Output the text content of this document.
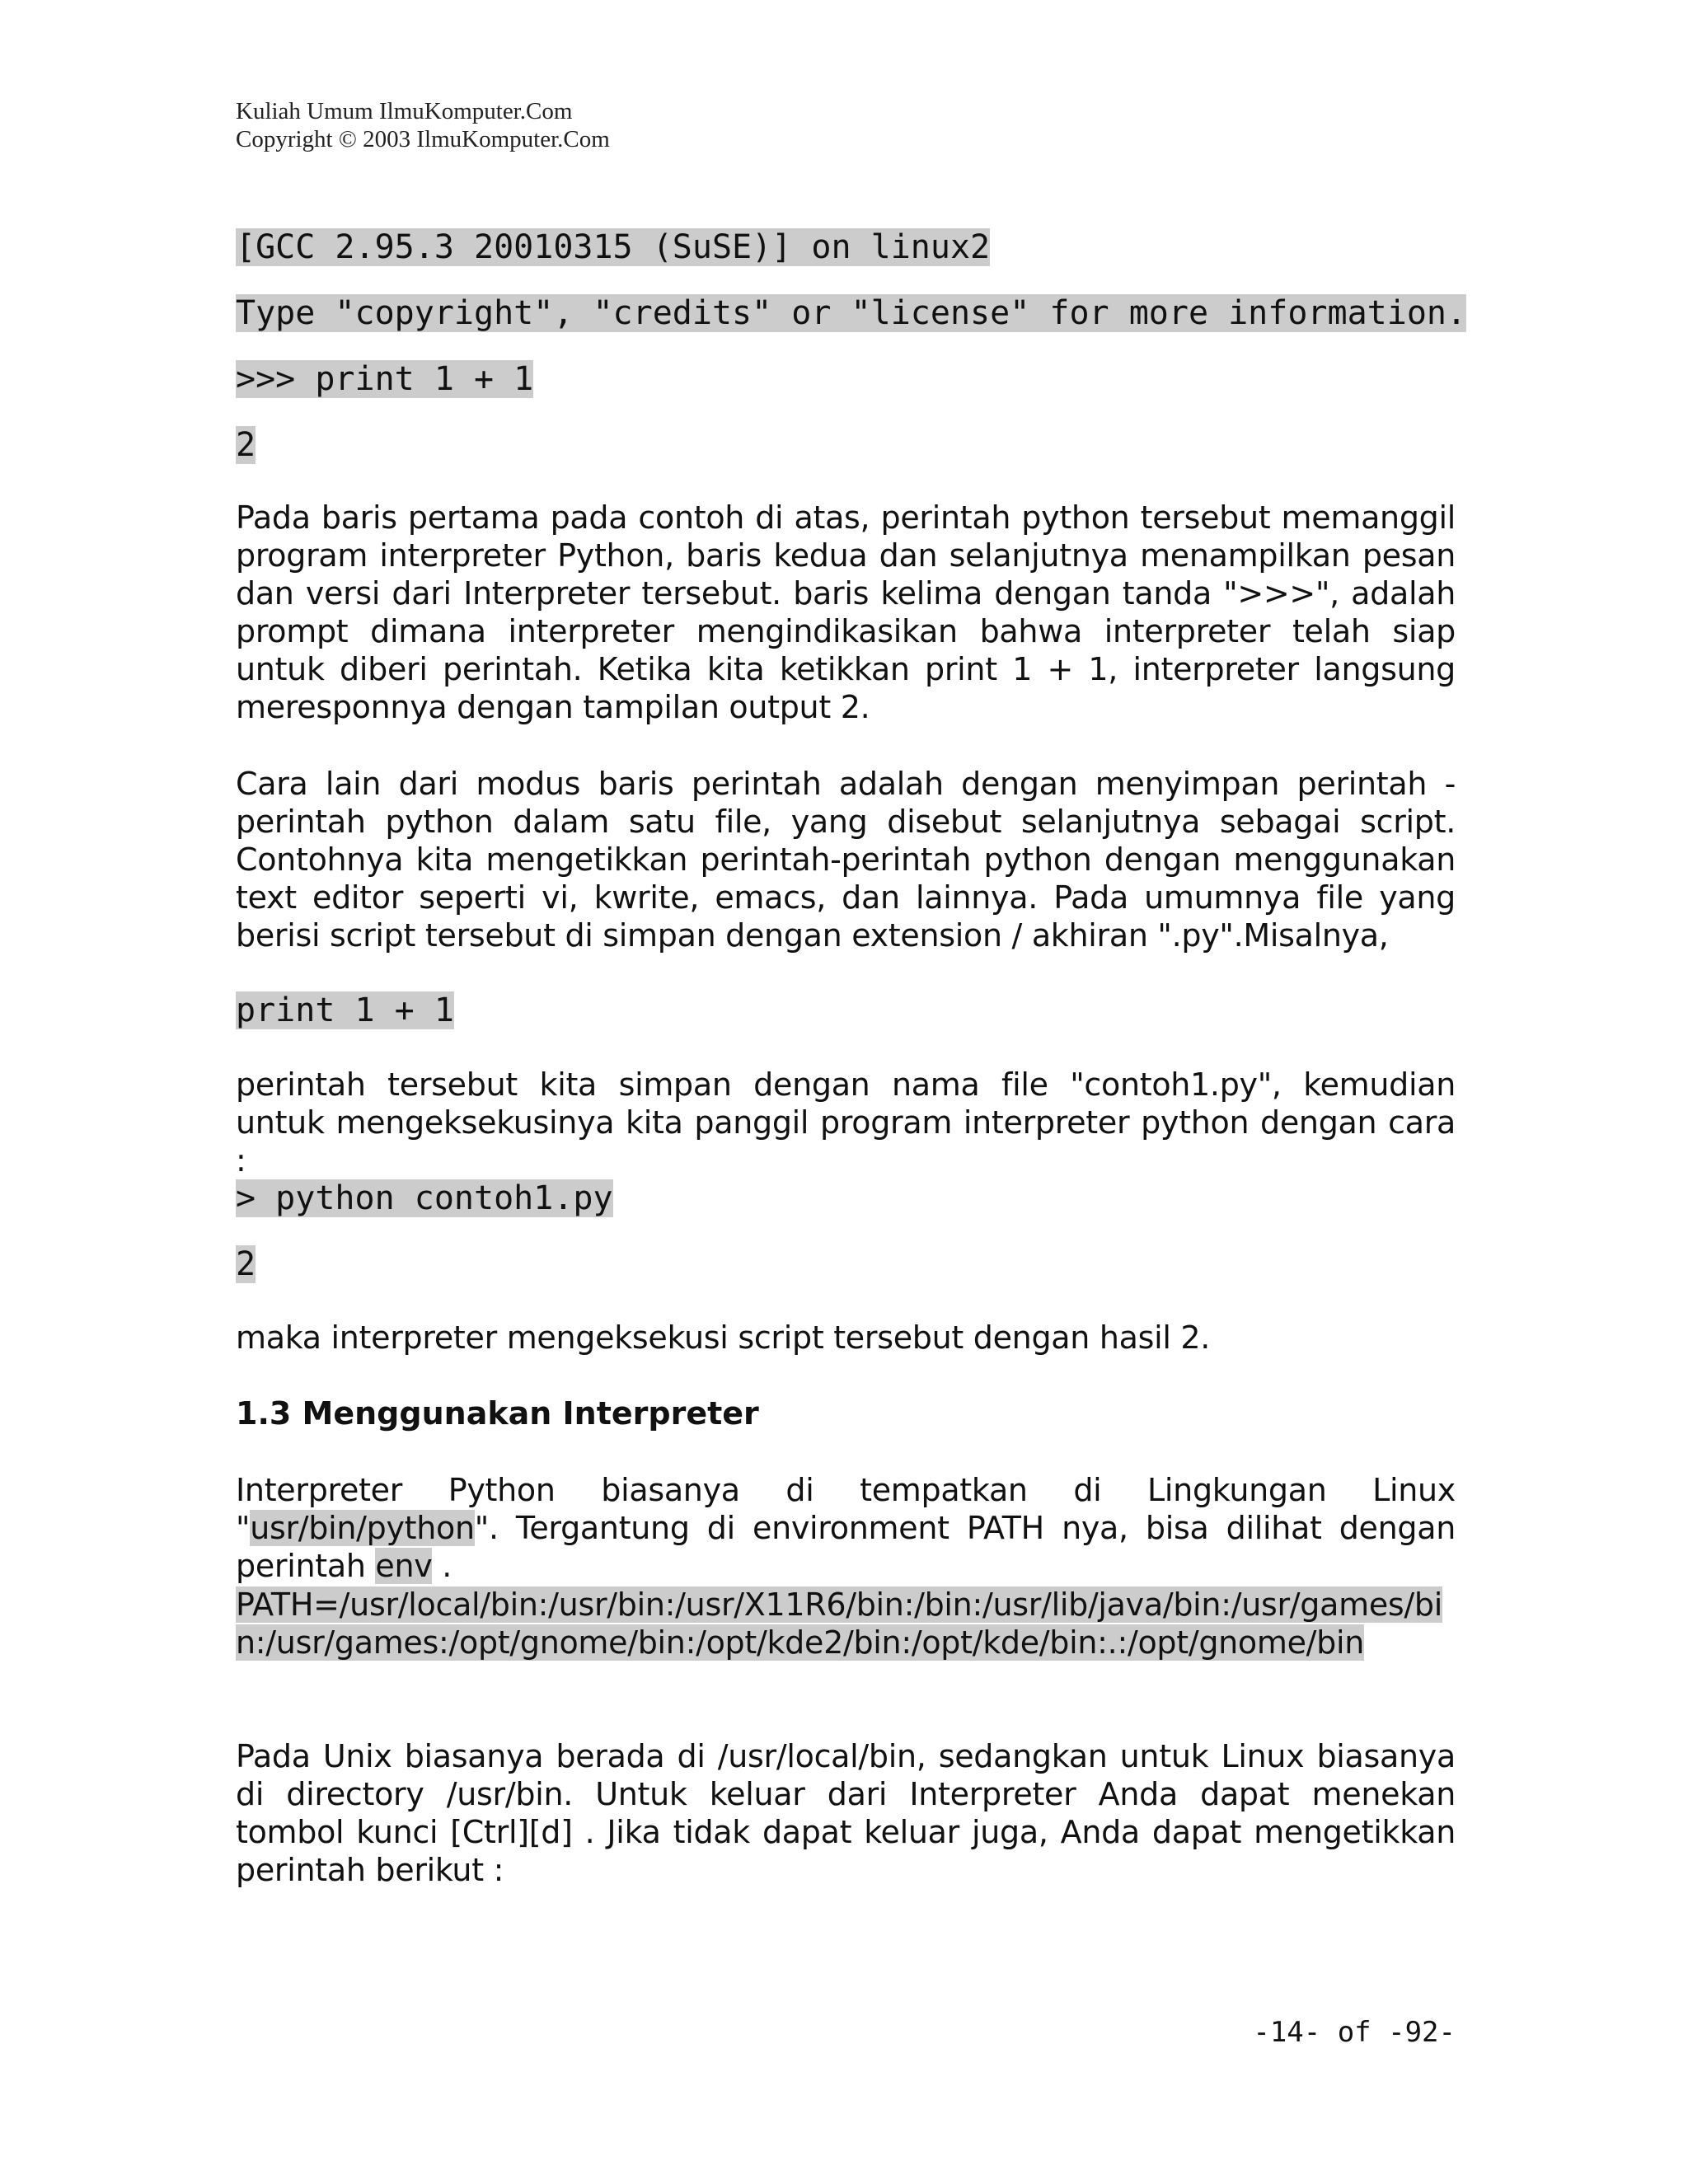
Kuliah Umum IlmuKomputer.Com
Copyright © 2003 IlmuKomputer.Com
[GCC 2.95.3 20010315 (SuSE)] on linux2
Type "copyright", "credits" or "license" for more information.
>>> print 1 + 1
2
Pada baris pertama pada contoh di atas, perintah python tersebut memanggil program interpreter Python, baris kedua dan selanjutnya menampilkan pesan dan versi dari Interpreter tersebut. baris kelima dengan tanda ">>>", adalah prompt dimana interpreter mengindikasikan bahwa interpreter telah siap untuk diberi perintah. Ketika kita ketikkan print 1 + 1, interpreter langsung meresponnya dengan tampilan output 2.
Cara lain dari modus baris perintah adalah dengan menyimpan perintah - perintah python dalam satu file, yang disebut selanjutnya sebagai script. Contohnya kita mengetikkan perintah-perintah python dengan menggunakan text editor seperti vi, kwrite, emacs, dan lainnya. Pada umumnya file yang berisi script tersebut di simpan dengan extension / akhiran ".py".Misalnya,
print 1 + 1
perintah tersebut kita simpan dengan nama file "contoh1.py", kemudian untuk mengeksekusinya kita panggil program interpreter python dengan cara :
> python contoh1.py
2
maka interpreter mengeksekusi script tersebut dengan hasil 2.
1.3 Menggunakan Interpreter
Interpreter Python biasanya di tempatkan di Lingkungan Linux "usr/bin/python". Tergantung di environment PATH nya, bisa dilihat dengan perintah env .
PATH=/usr/local/bin:/usr/bin:/usr/X11R6/bin:/bin:/usr/lib/java/bin:/usr/games/bin:/usr/games:/opt/gnome/bin:/opt/kde2/bin:/opt/kde/bin:.:/opt/gnome/bin
Pada Unix biasanya berada di /usr/local/bin, sedangkan untuk Linux biasanya di directory /usr/bin. Untuk keluar dari Interpreter Anda dapat menekan tombol kunci [Ctrl][d] . Jika tidak dapat keluar juga, Anda dapat mengetikkan perintah berikut :
-14- of -92-
